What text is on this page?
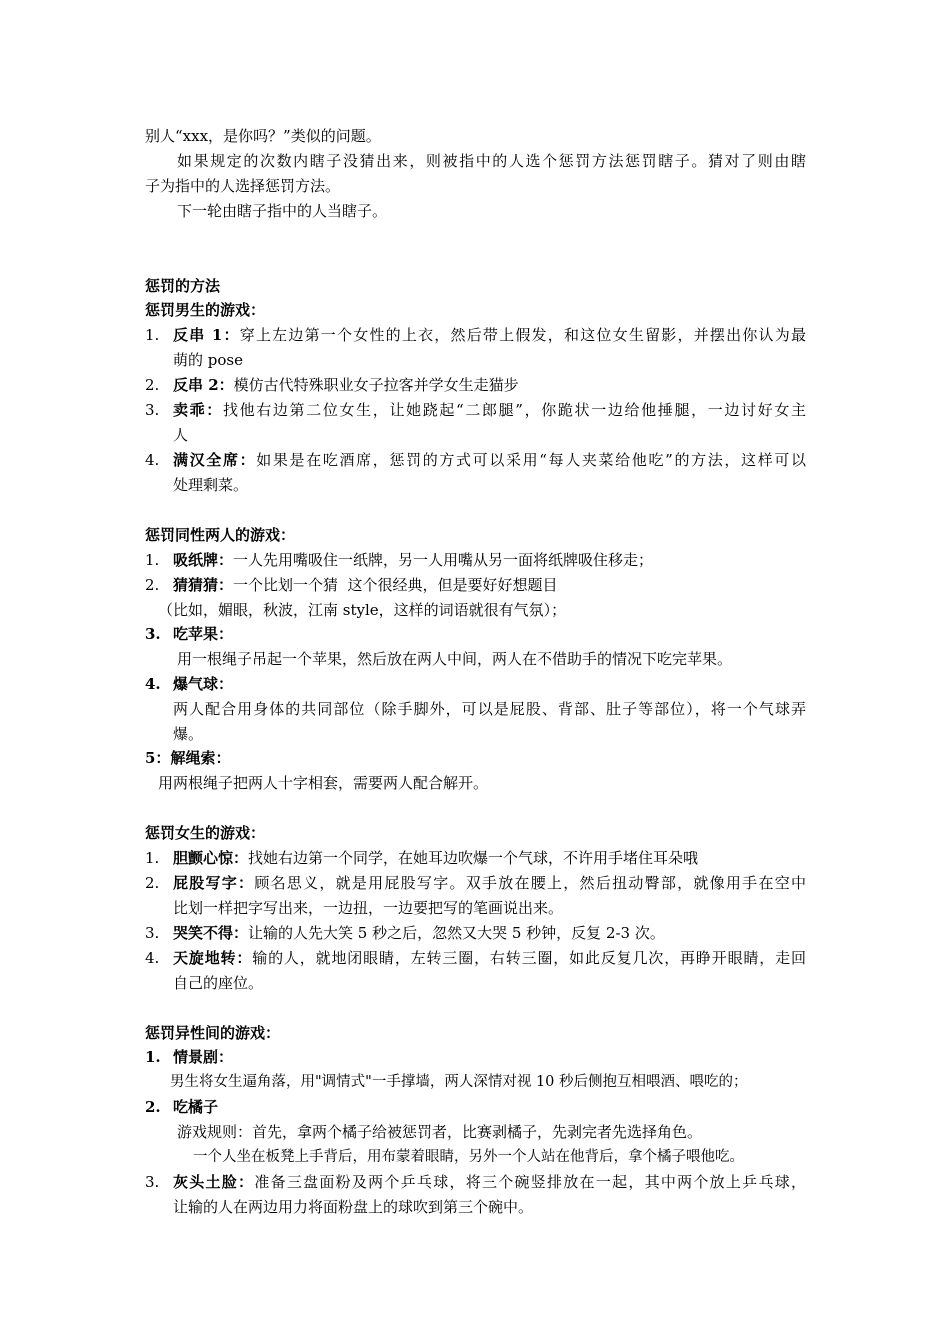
别人“xxx，是你吗？”类似的问题。
如果规定的次数内瞎子没猜出来，则被指中的人选个惩罚方法惩罚瞎子。猜对了则由瞎
子为指中的人选择惩罚方法。
下一轮由瞎子指中的人当瞎子。
惩罚的方法
惩罚男生的游戏：
1. 反串 1：穿上左边第一个女性的上衣，然后带上假发，和这位女生留影，并摆出你认为最
萌的 pose
2. 反串 2：模仿古代特殊职业女子拉客并学女生走猫步
3. 卖乖：找他右边第二位女生，让她跷起“二郎腿”，你跪状一边给他捶腿，一边讨好女主
人
4. 满汉全席：如果是在吃酒席，惩罚的方式可以采用“每人夹菜给他吃”的方法，这样可以
处理剩菜。
惩罚同性两人的游戏：
1. 吸纸牌：一人先用嘴吸住一纸牌，另一人用嘴从另一面将纸牌吸住移走；
2. 猜猜猜：一个比划一个猜  这个很经典，但是要好好想题目
（比如，媚眼，秋波，江南 style，这样的词语就很有气氛）；
3. 吃苹果：
用一根绳子吊起一个苹果，然后放在两人中间，两人在不借助手的情况下吃完苹果。
4. 爆气球：
两人配合用身体的共同部位（除手脚外，可以是屁股、背部、肚子等部位），将一个气球弄
爆。
5：解绳索：
用两根绳子把两人十字相套，需要两人配合解开。
惩罚女生的游戏：
1. 胆颤心惊：找她右边第一个同学，在她耳边吹爆一个气球，不许用手堵住耳朵哦
2. 屁股写字：顾名思义，就是用屁股写字。双手放在腰上，然后扭动臀部，就像用手在空中
比划一样把字写出来，一边扭，一边要把写的笔画说出来。
3. 哭笑不得：让输的人先大笑 5 秒之后，忽然又大哭 5 秒钟，反复 2-3 次。
4. 天旋地转：输的人，就地闭眼睛，左转三圈，右转三圈，如此反复几次，再睁开眼睛，走回
自己的座位。
惩罚异性间的游戏：
1. 情景剧：
男生将女生逼角落，用"调情式"一手撑墙，两人深情对视 10 秒后侧抱互相喂酒、喂吃的；
2. 吃橘子
游戏规则：首先，拿两个橘子给被惩罚者，比赛剥橘子，先剥完者先选择角色。
一个人坐在板凳上手背后，用布蒙着眼睛，另外一个人站在他背后，拿个橘子喂他吃。
3. 灰头土脸：准备三盘面粉及两个乒乓球，将三个碗竖排放在一起，其中两个放上乒乓球，
让输的人在两边用力将面粉盘上的球吹到第三个碗中。
